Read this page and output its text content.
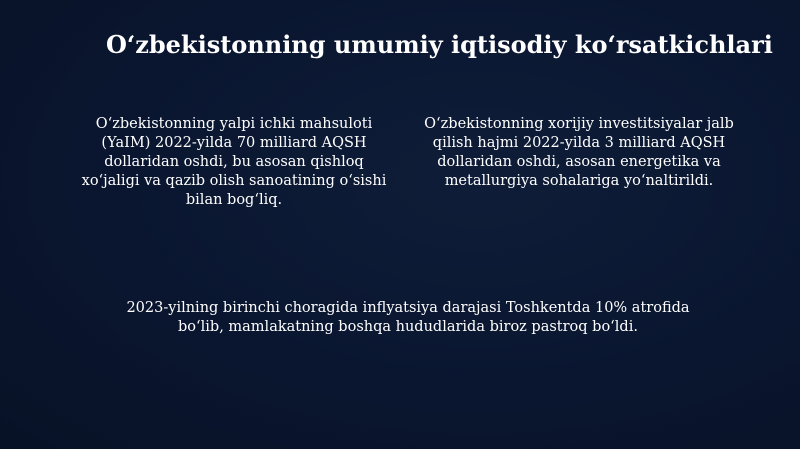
O‘zbekistonning umumiy iqtisodiy ko‘rsatkichlari
O‘zbekistonning yalpi ichki mahsuloti (YaIM) 2022-yilda 70 milliard AQSH dollaridan oshdi, bu asosan qishloq xo‘jaligi va qazib olish sanoatining o‘sishi bilan bog‘liq.
O‘zbekistonning xorijiy investitsiyalar jalb qilish hajmi 2022-yilda 3 milliard AQSH dollaridan oshdi, asosan energetika va metallurgiya sohalariga yo‘naltirildi.
2023-yilning birinchi choragida inflyatsiya darajasi Toshkentda 10% atrofida bo‘lib, mamlakatning boshqa hududlarida biroz pastroq bo‘ldi.
